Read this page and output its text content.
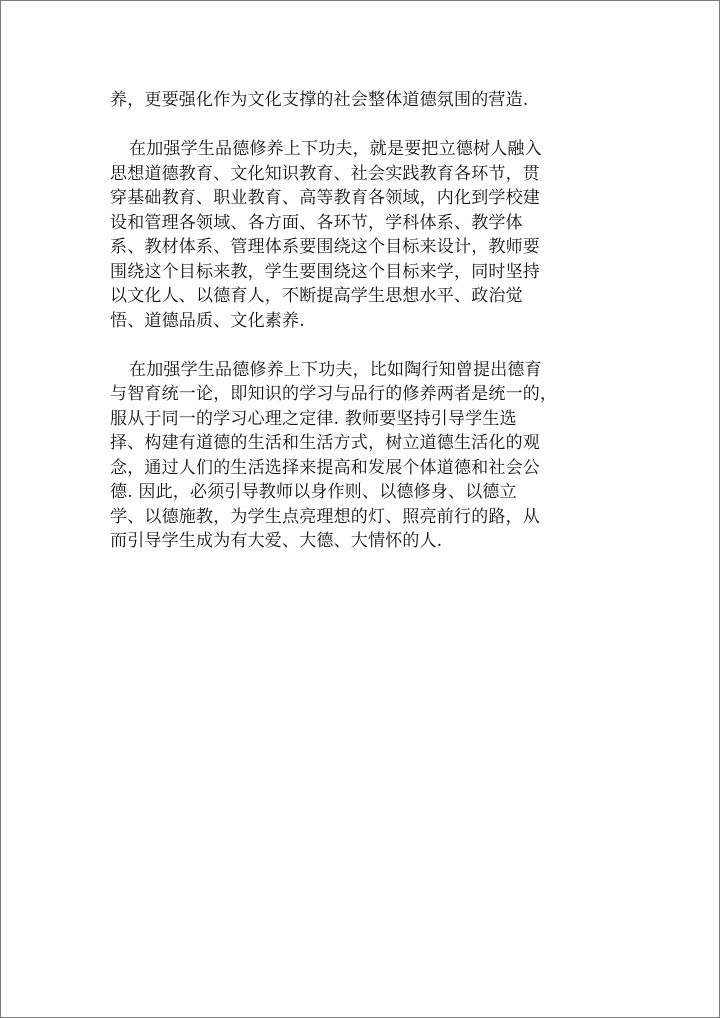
养，更要强化作为文化支撑的社会整体道德氛围的营造.
在加强学生品德修养上下功夫，就是要把立德树人融入
思想道德教育、文化知识教育、社会实践教育各环节，贯
穿基础教育、职业教育、高等教育各领域，内化到学校建
设和管理各领域、各方面、各环节，学科体系、教学体
系、教材体系、管理体系要围绕这个目标来设计，教师要
围绕这个目标来教，学生要围绕这个目标来学，同时坚持
以文化人、以德育人，不断提高学生思想水平、政治觉
悟、道德品质、文化素养.
在加强学生品德修养上下功夫，比如陶行知曾提出德育
与智育统一论，即知识的学习与品行的修养两者是统一的，
服从于同一的学习心理之定律. 教师要坚持引导学生选
择、构建有道德的生活和生活方式，树立道德生活化的观
念，通过人们的生活选择来提高和发展个体道德和社会公
德. 因此，必须引导教师以身作则、以德修身、以德立
学、以德施教，为学生点亮理想的灯、照亮前行的路，从
而引导学生成为有大爱、大德、大情怀的人.
